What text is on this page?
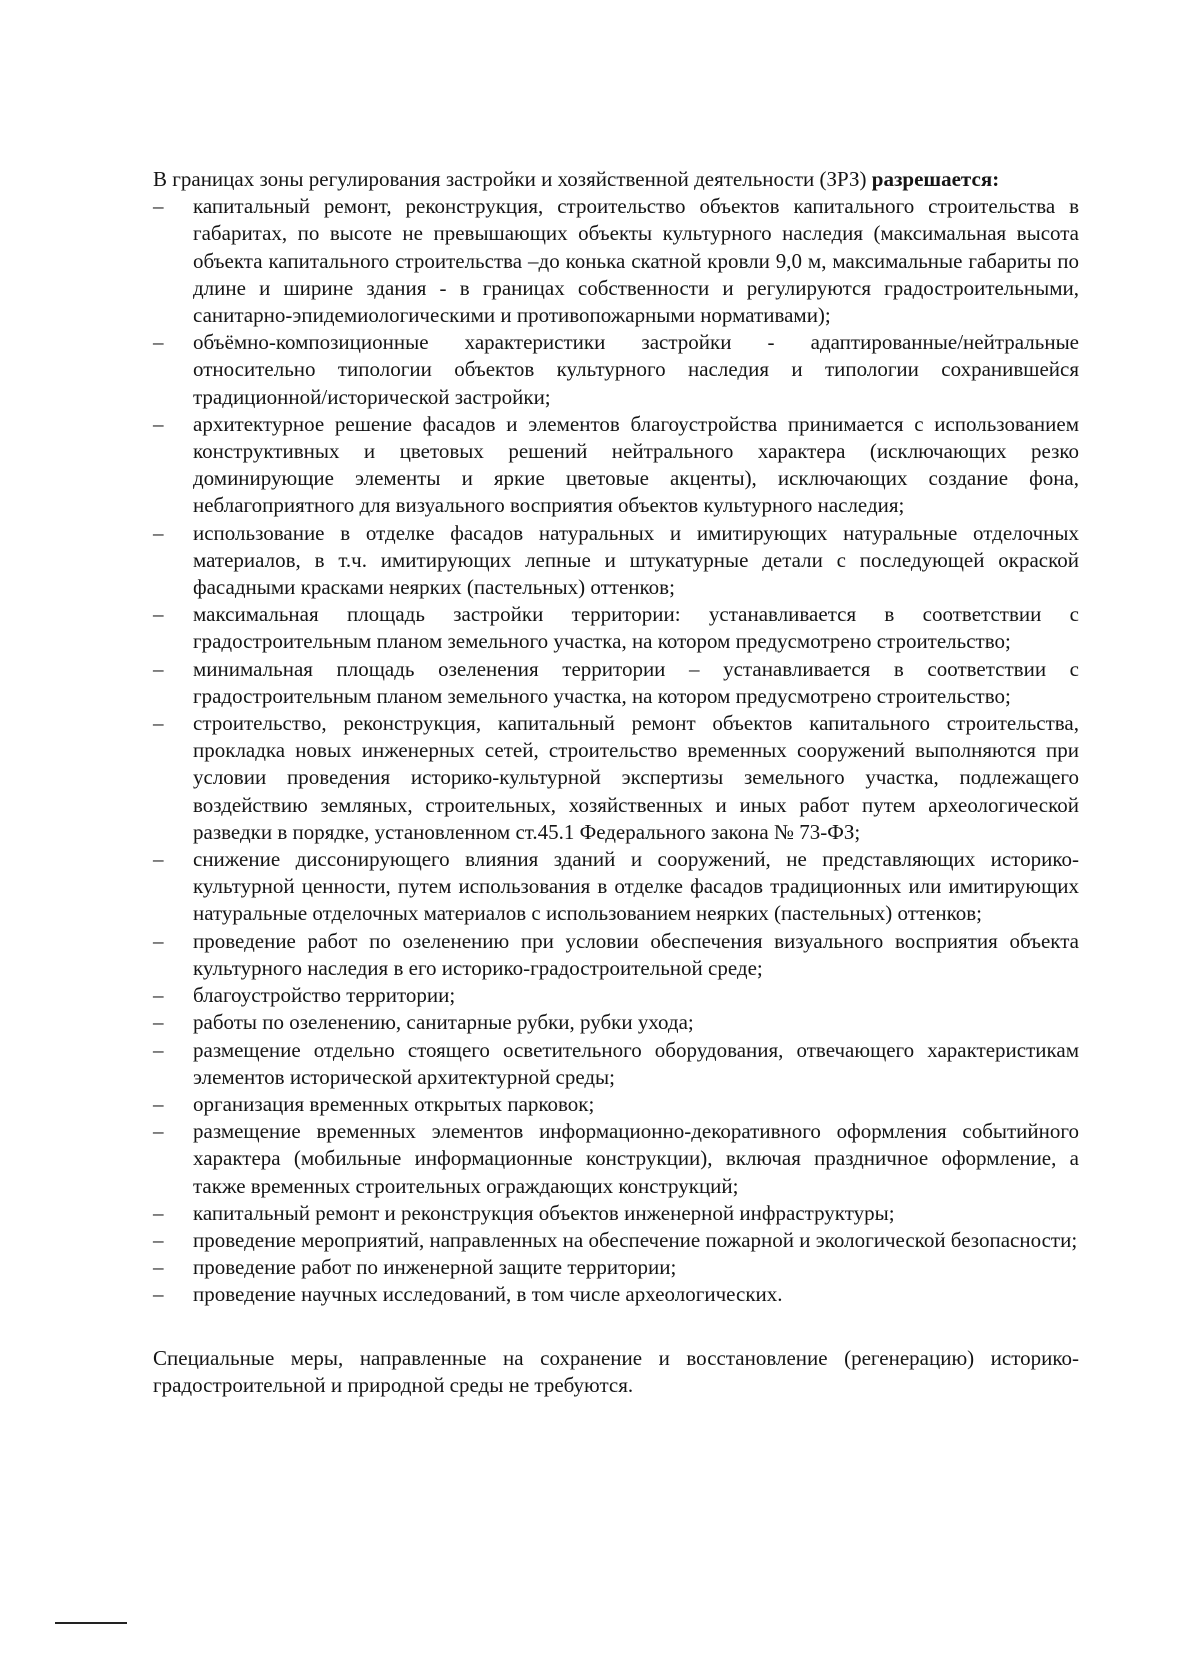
В границах зоны регулирования застройки и хозяйственной деятельности (ЗРЗ) разрешается:

–	капитальный ремонт, реконструкция, строительство объектов капитального строительства в габаритах, по высоте не превышающих объекты культурного наследия (максимальная высота объекта капитального строительства –до конька скатной кровли 9,0 м, максимальные габариты по длине и ширине здания - в границах собственности и регулируются градостроительными, санитарно-эпидемиологическими и противопожарными нормативами);
–	объёмно-композиционные характеристики застройки - адаптированные/нейтральные относительно типологии объектов культурного наследия и типологии сохранившейся традиционной/исторической застройки;
–	архитектурное решение фасадов и элементов благоустройства принимается с использованием конструктивных и цветовых решений нейтрального характера (исключающих резко доминирующие элементы и яркие цветовые акценты), исключающих создание фона, неблагоприятного для визуального восприятия объектов культурного наследия;
–	использование в отделке фасадов натуральных и имитирующих натуральные отделочных материалов, в т.ч. имитирующих лепные и штукатурные детали с последующей окраской фасадными красками неярких (пастельных) оттенков;
–	максимальная площадь застройки территории: устанавливается в соответствии с градостроительным планом земельного участка, на котором предусмотрено строительство;
–	минимальная площадь озеленения территории – устанавливается в соответствии с градостроительным планом земельного участка, на котором предусмотрено строительство;
–	строительство, реконструкция, капитальный ремонт объектов капитального строительства, прокладка новых инженерных сетей, строительство временных сооружений выполняются при условии проведения историко-культурной экспертизы земельного участка, подлежащего воздействию земляных, строительных, хозяйственных и иных работ путем археологической разведки в порядке, установленном ст.45.1 Федерального закона № 73-ФЗ;
–	снижение диссонирующего влияния зданий и сооружений, не представляющих историко-культурной ценности, путем использования в отделке фасадов традиционных или имитирующих натуральные отделочных материалов с использованием неярких (пастельных) оттенков;
–	проведение работ по озеленению при условии обеспечения визуального восприятия объекта культурного наследия в его историко-градостроительной среде;
–	благоустройство территории;
–	работы по озеленению, санитарные рубки, рубки ухода;
–	размещение отдельно стоящего осветительного оборудования, отвечающего характеристикам элементов исторической архитектурной среды;
–	организация временных открытых парковок;
–	размещение временных элементов информационно-декоративного оформления событийного характера (мобильные информационные конструкции), включая праздничное оформление, а также временных строительных ограждающих конструкций;
–	капитальный ремонт и реконструкция объектов инженерной инфраструктуры;
–	проведение мероприятий, направленных на обеспечение пожарной и экологической безопасности;
–	проведение работ по инженерной защите территории;
–	проведение научных исследований, в том числе археологических.

Специальные меры, направленные на сохранение и восстановление (регенерацию) историко-градостроительной и природной среды не требуются.
